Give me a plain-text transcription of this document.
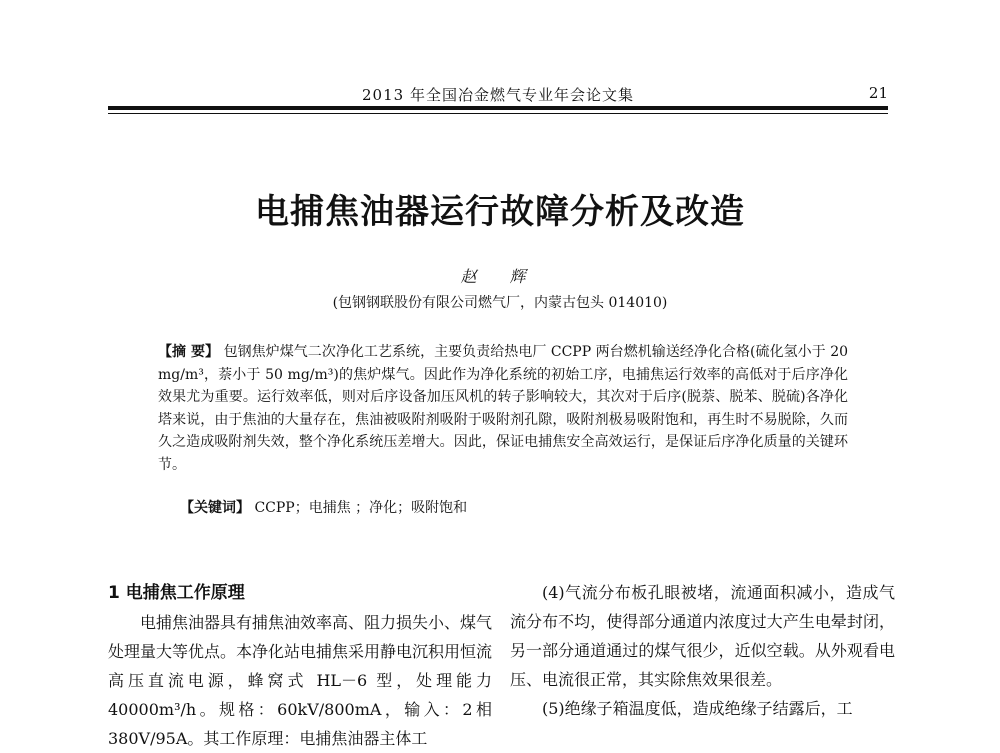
2013 年全国冶金燃气专业年会论文集	21
电捕焦油器运行故障分析及改造
赵 辉
(包钢钢联股份有限公司燃气厂，内蒙古包头 014010)
【摘 要】 包钢焦炉煤气二次净化工艺系统，主要负责给热电厂 CCPP 两台燃机输送经净化合格(硫化氢小于 20 mg/m³，萘小于 50 mg/m³)的焦炉煤气。因此作为净化系统的初始工序，电捕焦运行效率的高低对于后序净化效果尤为重要。运行效率低，则对后序设备加压风机的转子影响较大，其次对于后序(脱萘、脱苯、脱硫)各净化塔来说，由于焦油的大量存在，焦油被吸附剂吸附于吸附剂孔隙，吸附剂极易吸附饱和，再生时不易脱除，久而久之造成吸附剂失效，整个净化系统压差增大。因此，保证电捕焦安全高效运行，是保证后序净化质量的关键环节。
【关键词】 CCPP；电捕焦 ；净化；吸附饱和
1 电捕焦工作原理

电捕焦油器具有捕焦油效率高、阻力损失小、煤气处理量大等优点。本净化站电捕焦采用静电沉积用恒流高压直流电源，蜂窝式 HL－6 型，处理能力 40000m³/h。规格：60kV/800mA，输入：2相 380V/95A。其工作原理：电捕焦油器主体工

(4)气流分布板孔眼被堵，流通面积减小，造成气流分布不均，使得部分通道内浓度过大产生电晕封闭，另一部分通道通过的煤气很少，近似空载。从外观看电压、电流很正常，其实除焦效果很差。

(5)绝缘子箱温度低，造成绝缘子结露后，工
